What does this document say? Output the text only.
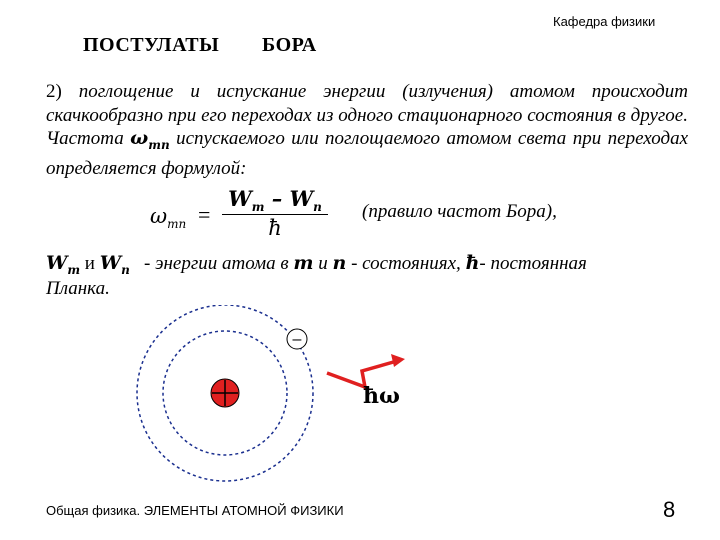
Кафедра физики
ПОСТУЛАТЫ БОРА
2) поглощение и испускание энергии (излучения) атомом происходит скачкообразно при его переходах из одного стационарного состояния в другое. Частота $\omega_{mn}$ испускаемого или поглощаемого атомом света при переходах определяется формулой:
$\omega_{mn}$ =
$W_m - W_n$
ħ
(правило частот Бора),
$W_m$ и $W_n$ - энергии атома в m и n - состояниях, ħ- постоянная
Планка.
–
ħω
Общая физика. ЭЛЕМЕНТЫ АТОМНОЙ ФИЗИКИ	8
